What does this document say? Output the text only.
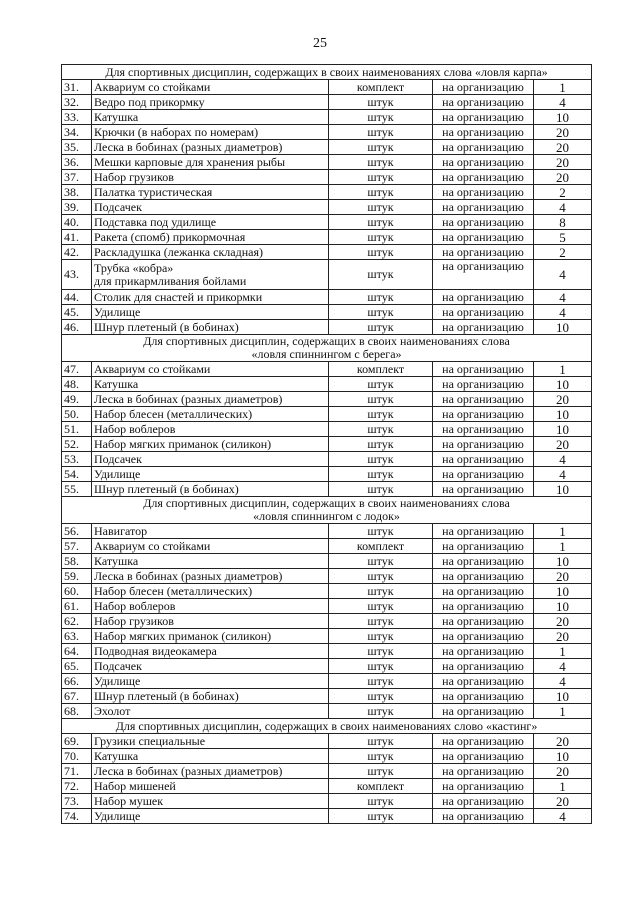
25
Для спортивных дисциплин, содержащих в своих наименованиях слова «ловля карпа»				

31.	Аквариум со стойками	комплект	на организацию	1
32.	Ведро под прикормку	штук	на организацию	4
33.	Катушка	штук	на организацию	10
34.	Крючки (в наборах по номерам)	штук	на организацию	20
35.	Леска в бобинах (разных диаметров)	штук	на организацию	20
36.	Мешки карповые для хранения рыбы	штук	на организацию	20
37.	Набор грузиков	штук	на организацию	20
38.	Палатка туристическая	штук	на организацию	2
39.	Подсачек	штук	на организацию	4
40.	Подставка под удилище	штук	на организацию	8
41.	Ракета (спомб) прикормочная	штук	на организацию	5
42.	Раскладушка (лежанка складная)	штук	на организацию	2
43.	Трубка «кобра»
для прикармливания бойлами	штук	на организацию	4
44.	Столик для снастей и прикормки	штук	на организацию	4
45.	Удилище	штук	на организацию	4
46.	Шнур плетеный (в бобинах)	штук	на организацию	10

Для спортивных дисциплин, содержащих в своих наименованиях слова
«ловля спиннингом с берега»				

47.	Аквариум со стойками	комплект	на организацию	1
48.	Катушка	штук	на организацию	10
49.	Леска в бобинах (разных диаметров)	штук	на организацию	20
50.	Набор блесен (металлических)	штук	на организацию	10
51.	Набор воблеров	штук	на организацию	10
52.	Набор мягких приманок (силикон)	штук	на организацию	20
53.	Подсачек	штук	на организацию	4
54.	Удилище	штук	на организацию	4
55.	Шнур плетеный (в бобинах)	штук	на организацию	10

Для спортивных дисциплин, содержащих в своих наименованиях слова
«ловля спиннингом с лодок»				

56.	Навигатор	штук	на организацию	1
57.	Аквариум со стойками	комплект	на организацию	1
58.	Катушка	штук	на организацию	10
59.	Леска в бобинах (разных диаметров)	штук	на организацию	20
60.	Набор блесен (металлических)	штук	на организацию	10
61.	Набор воблеров	штук	на организацию	10
62.	Набор грузиков	штук	на организацию	20
63.	Набор мягких приманок (силикон)	штук	на организацию	20
64.	Подводная видеокамера	штук	на организацию	1
65.	Подсачек	штук	на организацию	4
66.	Удилище	штук	на организацию	4
67.	Шнур плетеный (в бобинах)	штук	на организацию	10
68.	Эхолот	штук	на организацию	1

Для спортивных дисциплин, содержащих в своих наименованиях слово «кастинг»				

69.	Грузики специальные	штук	на организацию	20
70.	Катушка	штук	на организацию	10
71.	Леска в бобинах (разных диаметров)	штук	на организацию	20
72.	Набор мишеней	комплект	на организацию	1
73.	Набор мушек	штук	на организацию	20
74.	Удилище	штук	на организацию	4
